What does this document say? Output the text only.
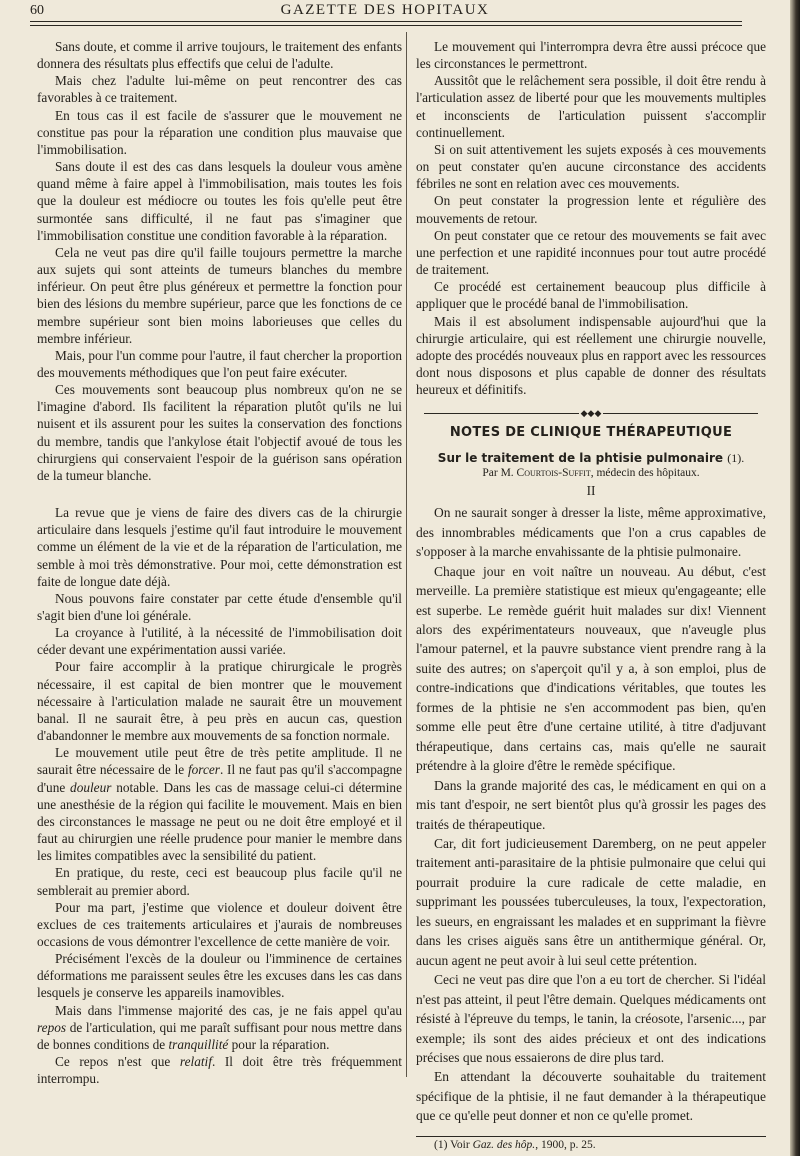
60	GAZETTE DES HOPITAUX

Sans doute, et comme il arrive toujours, le traitement des enfants donnera des résultats plus effectifs que celui de l'adulte.

Mais chez l'adulte lui-même on peut rencontrer des cas favorables à ce traitement.

En tous cas il est facile de s'assurer que le mouvement ne constitue pas pour la réparation une condition plus mauvaise que l'immobilisation.

Sans doute il est des cas dans lesquels la douleur vous amène quand même à faire appel à l'immobilisation, mais toutes les fois que la douleur est médiocre ou toutes les fois qu'elle peut être surmontée sans difficulté, il ne faut pas s'imaginer que l'immobilisation constitue une condition favorable à la réparation.

Cela ne veut pas dire qu'il faille toujours permettre la marche aux sujets qui sont atteints de tumeurs blanches du membre inférieur. On peut être plus généreux et permettre la fonction pour bien des lésions du membre supérieur, parce que les fonctions de ce membre supérieur sont bien moins laborieuses que celles du membre inférieur.

Mais, pour l'un comme pour l'autre, il faut chercher la proportion des mouvements méthodiques que l'on peut faire exécuter.

Ces mouvements sont beaucoup plus nombreux qu'on ne se l'imagine d'abord. Ils facilitent la réparation plutôt qu'ils ne lui nuisent et ils assurent pour les suites la conservation des fonctions du membre, tandis que l'ankylose était l'objectif avoué de tous les chirurgiens qui conservaient l'espoir de la guérison sans opération de la tumeur blanche.

La revue que je viens de faire des divers cas de la chirurgie articulaire dans lesquels j'estime qu'il faut introduire le mouvement comme un élément de la vie et de la réparation de l'articulation, me semble à moi très démonstrative. Pour moi, cette démonstration est faite de longue date déjà.

Nous pouvons faire constater par cette étude d'ensemble qu'il s'agit bien d'une loi générale.

La croyance à l'utilité, à la nécessité de l'immobilisation doit céder devant une expérimentation aussi variée.

Pour faire accomplir à la pratique chirurgicale le progrès nécessaire, il est capital de bien montrer que le mouvement nécessaire à l'articulation malade ne saurait être un mouvement banal. Il ne saurait être, à peu près en aucun cas, question d'abandonner le membre aux mouvements de sa fonction normale.

Le mouvement utile peut être de très petite amplitude. Il ne saurait être nécessaire de le forcer. Il ne faut pas qu'il s'accompagne d'une douleur notable. Dans les cas de massage celui-ci détermine une anesthésie de la région qui facilite le mouvement. Mais en bien des circonstances le massage ne peut ou ne doit être employé et il faut au chirurgien une réelle prudence pour manier le membre dans les limites compatibles avec la sensibilité du patient.

En pratique, du reste, ceci est beaucoup plus facile qu'il ne semblerait au premier abord.

Pour ma part, j'estime que violence et douleur doivent être exclues de ces traitements articulaires et j'aurais de nombreuses occasions de vous démontrer l'excellence de cette manière de voir.

Précisément l'excès de la douleur ou l'imminence de certaines déformations me paraissent seules être les excuses dans les cas dans lesquels je conserve les appareils inamovibles.

Mais dans l'immense majorité des cas, je ne fais appel qu'au repos de l'articulation, qui me paraît suffisant pour nous mettre dans de bonnes conditions de tranquillité pour la réparation.

Ce repos n'est que relatif. Il doit être très fréquemment interrompu.

Le mouvement qui l'interrompra devra être aussi précoce que les circonstances le permettront.

Aussitôt que le relâchement sera possible, il doit être rendu à l'articulation assez de liberté pour que les mouvements multiples et inconscients de l'articulation puissent s'accomplir continuellement.

Si on suit attentivement les sujets exposés à ces mouvements on peut constater qu'en aucune circonstance des accidents fébriles ne sont en relation avec ces mouvements.

On peut constater la progression lente et régulière des mouvements de retour.

On peut constater que ce retour des mouvements se fait avec une perfection et une rapidité inconnues pour tout autre procédé de traitement.

Ce procédé est certainement beaucoup plus difficile à appliquer que le procédé banal de l'immobilisation.

Mais il est absolument indispensable aujourd'hui que la chirurgie articulaire, qui est réellement une chirurgie nouvelle, adopte des procédés nouveaux plus en rapport avec les ressources dont nous disposons et plus capable de donner des résultats heureux et définitifs.

◆◆◆
NOTES DE CLINIQUE THÉRAPEUTIQUE
Sur le traitement de la phtisie pulmonaire (1).
Par M. Courtois-Suffit, médecin des hôpitaux.
II

On ne saurait songer à dresser la liste, même approximative, des innombrables médicaments que l'on a crus capables de s'opposer à la marche envahissante de la phtisie pulmonaire.

Chaque jour en voit naître un nouveau. Au début, c'est merveille. La première statistique est mieux qu'engageante; elle est superbe. Le remède guérit huit malades sur dix! Viennent alors des expérimentateurs nouveaux, que n'aveugle plus l'amour paternel, et la pauvre substance vient prendre rang à la suite des autres; on s'aperçoit qu'il y a, à son emploi, plus de contre-indications que d'indications véritables, que toutes les formes de la phtisie ne s'en accommodent pas bien, qu'en somme elle peut être d'une certaine utilité, à titre d'adjuvant thérapeutique, dans certains cas, mais qu'elle ne saurait prétendre à la gloire d'être le remède spécifique.

Dans la grande majorité des cas, le médicament en qui on a mis tant d'espoir, ne sert bientôt plus qu'à grossir les pages des traités de thérapeutique.

Car, dit fort judicieusement Daremberg, on ne peut appeler traitement anti-parasitaire de la phtisie pulmonaire que celui qui pourrait produire la cure radicale de cette maladie, en supprimant les poussées tuberculeuses, la toux, l'expectoration, les sueurs, en engraissant les malades et en supprimant la fièvre dans les crises aiguës sans être un antithermique général. Or, aucun agent ne peut avoir à lui seul cette prétention.

Ceci ne veut pas dire que l'on a eu tort de chercher. Si l'idéal n'est pas atteint, il peut l'être demain. Quelques médicaments ont résisté à l'épreuve du temps, le tanin, la créosote, l'arsenic..., par exemple; ils sont des aides précieux et ont des indications précises que nous essaierons de dire plus tard.

En attendant la découverte souhaitable du traitement spécifique de la phtisie, il ne faut demander à la thérapeutique que ce qu'elle peut donner et non ce qu'elle promet.

(1) Voir Gaz. des hôp., 1900, p. 25.
